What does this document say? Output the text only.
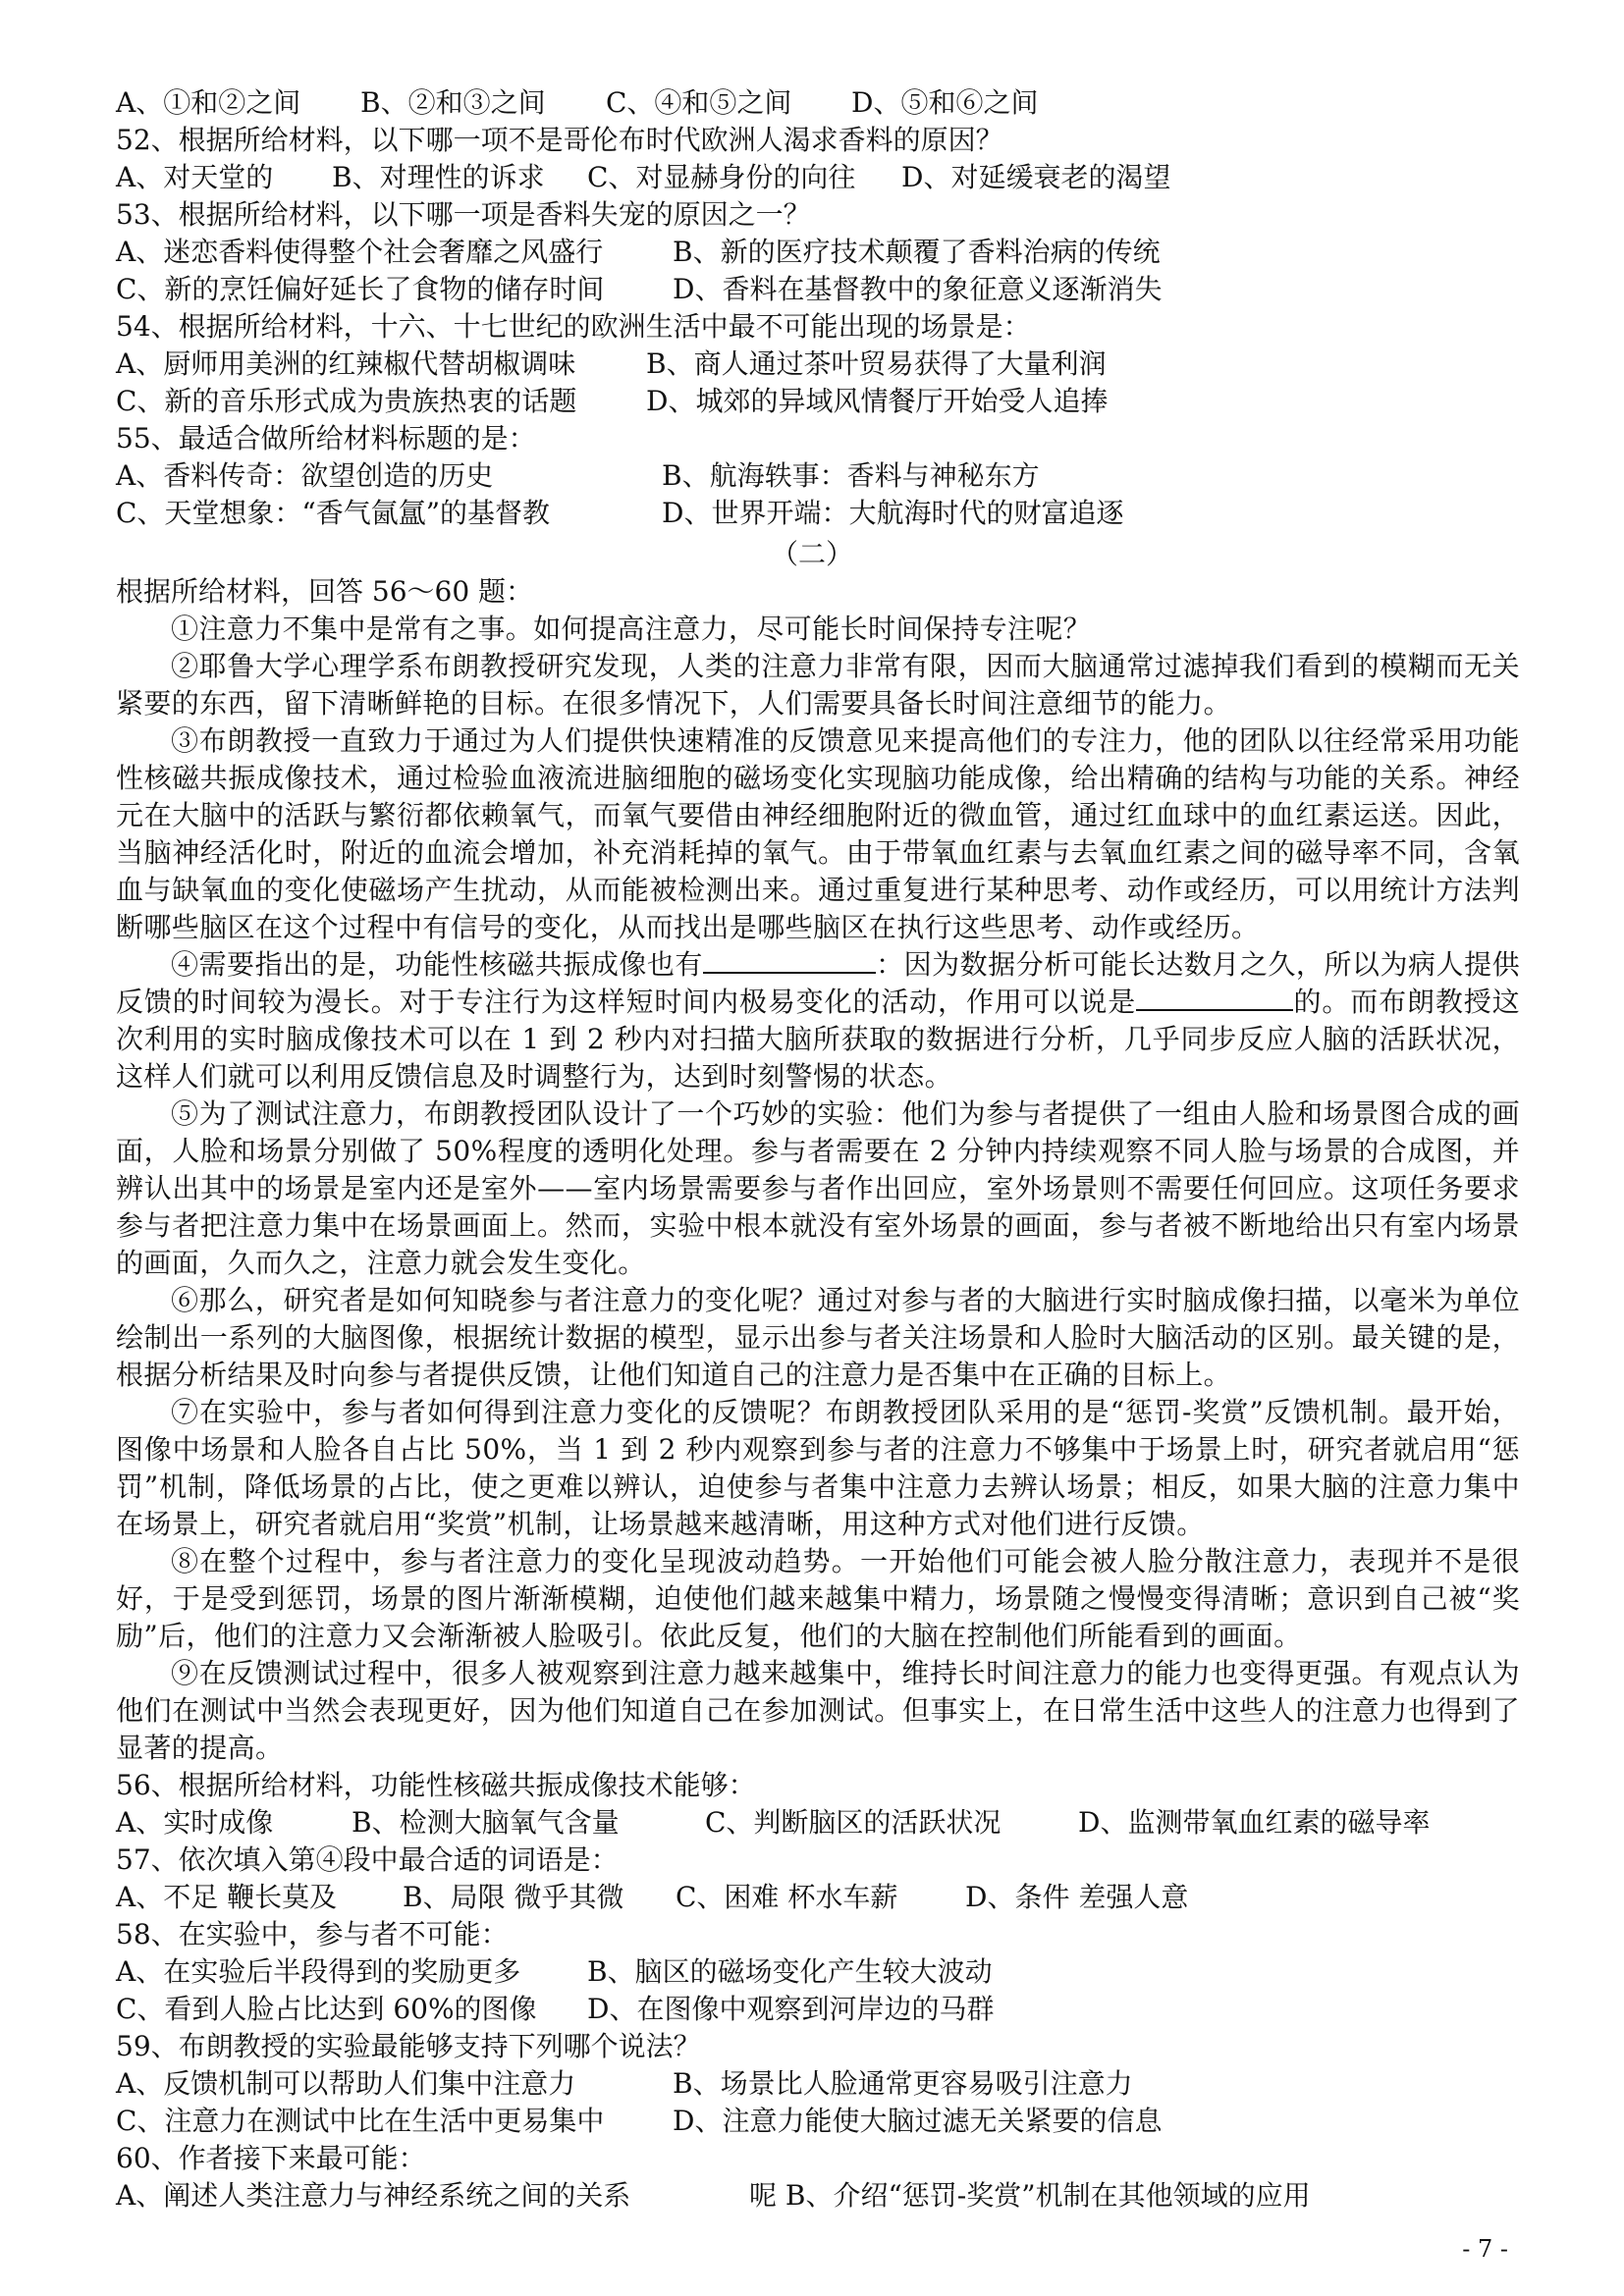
A、①和②之间 B、②和③之间 C、④和⑤之间 D、⑤和⑥之间
52、根据所给材料，以下哪一项不是哥伦布时代欧洲人渴求香料的原因？
A、对天堂的 B、对理性的诉求 C、对显赫身份的向往 D、对延缓衰老的渴望
53、根据所给材料，以下哪一项是香料失宠的原因之一？
A、迷恋香料使得整个社会奢靡之风盛行	B、新的医疗技术颠覆了香料治病的传统
C、新的烹饪偏好延长了食物的储存时间 D、香料在基督教中的象征意义逐渐消失
54、根据所给材料，十六、十七世纪的欧洲生活中最不可能出现的场景是：
A、厨师用美洲的红辣椒代替胡椒调味	B、商人通过茶叶贸易获得了大量利润
C、新的音乐形式成为贵族热衷的话题	D、城郊的异域风情餐厅开始受人追捧
55、最适合做所给材料标题的是：
A、香料传奇：欲望创造的历史	B、航海轶事：香料与神秘东方
C、天堂想象：“香气氤氲”的基督教	D、世界开端：大航海时代的财富追逐
（二）
根据所给材料，回答 56～60 题：
①注意力不集中是常有之事。如何提高注意力，尽可能长时间保持专注呢？
②耶鲁大学心理学系布朗教授研究发现，人类的注意力非常有限，因而大脑通常过滤掉我们看到的模糊而无关紧要的东西，留下清晰鲜艳的目标。在很多情况下，人们需要具备长时间注意细节的能力。
③布朗教授一直致力于通过为人们提供快速精准的反馈意见来提高他们的专注力，他的团队以往经常采用功能性核磁共振成像技术，通过检验血液流进脑细胞的磁场变化实现脑功能成像，给出精确的结构与功能的关系。神经元在大脑中的活跃与繁衍都依赖氧气，而氧气要借由神经细胞附近的微血管，通过红血球中的血红素运送。因此，当脑神经活化时，附近的血流会增加，补充消耗掉的氧气。由于带氧血红素与去氧血红素之间的磁导率不同，含氧血与缺氧血的变化使磁场产生扰动，从而能被检测出来。通过重复进行某种思考、动作或经历，可以用统计方法判断哪些脑区在这个过程中有信号的变化，从而找出是哪些脑区在执行这些思考、动作或经历。
④需要指出的是，功能性核磁共振成像也有	：因为数据分析可能长达数月之久，所以为病人提供反馈的时间较为漫长。对于专注行为这样短时间内极易变化的活动，作用可以说是	的。而布朗教授这次利用的实时脑成像技术可以在 1 到 2 秒内对扫描大脑所获取的数据进行分析，几乎同步反应人脑的活跃状况，这样人们就可以利用反馈信息及时调整行为，达到时刻警惕的状态。
⑤为了测试注意力，布朗教授团队设计了一个巧妙的实验：他们为参与者提供了一组由人脸和场景图合成的画面，人脸和场景分别做了 50%程度的透明化处理。参与者需要在 2 分钟内持续观察不同人脸与场景的合成图，并辨认出其中的场景是室内还是室外——室内场景需要参与者作出回应，室外场景则不需要任何回应。这项任务要求参与者把注意力集中在场景画面上。然而，实验中根本就没有室外场景的画面，参与者被不断地给出只有室内场景的画面，久而久之，注意力就会发生变化。
⑥那么，研究者是如何知晓参与者注意力的变化呢？通过对参与者的大脑进行实时脑成像扫描，以毫米为单位绘制出一系列的大脑图像，根据统计数据的模型，显示出参与者关注场景和人脸时大脑活动的区别。最关键的是，根据分析结果及时向参与者提供反馈，让他们知道自己的注意力是否集中在正确的目标上。
⑦在实验中，参与者如何得到注意力变化的反馈呢？布朗教授团队采用的是“惩罚-奖赏”反馈机制。最开始，图像中场景和人脸各自占比 50%，当 1 到 2 秒内观察到参与者的注意力不够集中于场景上时，研究者就启用“惩罚”机制，降低场景的占比，使之更难以辨认，迫使参与者集中注意力去辨认场景；相反，如果大脑的注意力集中在场景上，研究者就启用“奖赏”机制，让场景越来越清晰，用这种方式对他们进行反馈。
⑧在整个过程中，参与者注意力的变化呈现波动趋势。一开始他们可能会被人脸分散注意力，表现并不是很好，于是受到惩罚，场景的图片渐渐模糊，迫使他们越来越集中精力，场景随之慢慢变得清晰；意识到自己被“奖励”后，他们的注意力又会渐渐被人脸吸引。依此反复，他们的大脑在控制他们所能看到的画面。
⑨在反馈测试过程中，很多人被观察到注意力越来越集中，维持长时间注意力的能力也变得更强。有观点认为他们在测试中当然会表现更好，因为他们知道自己在参加测试。但事实上，在日常生活中这些人的注意力也得到了显著的提高。
56、根据所给材料，功能性核磁共振成像技术能够：
A、实时成像	B、检测大脑氧气含量	C、判断脑区的活跃状况	D、监测带氧血红素的磁导率
57、依次填入第④段中最合适的词语是：
A、不足 鞭长莫及 B、局限 微乎其微 C、困难 杯水车薪 D、条件 差强人意
58、在实验中，参与者不可能：
A、在实验后半段得到的奖励更多 B、脑区的磁场变化产生较大波动
C、看到人脸占比达到 60%的图像 D、在图像中观察到河岸边的马群
59、布朗教授的实验最能够支持下列哪个说法？
A、反馈机制可以帮助人们集中注意力	B、场景比人脸通常更容易吸引注意力
C、注意力在测试中比在生活中更易集中 D、注意力能使大脑过滤无关紧要的信息
60、作者接下来最可能：
A、阐述人类注意力与神经系统之间的关系	呢 B、介绍“惩罚-奖赏”机制在其他领域的应用
- 7 -
